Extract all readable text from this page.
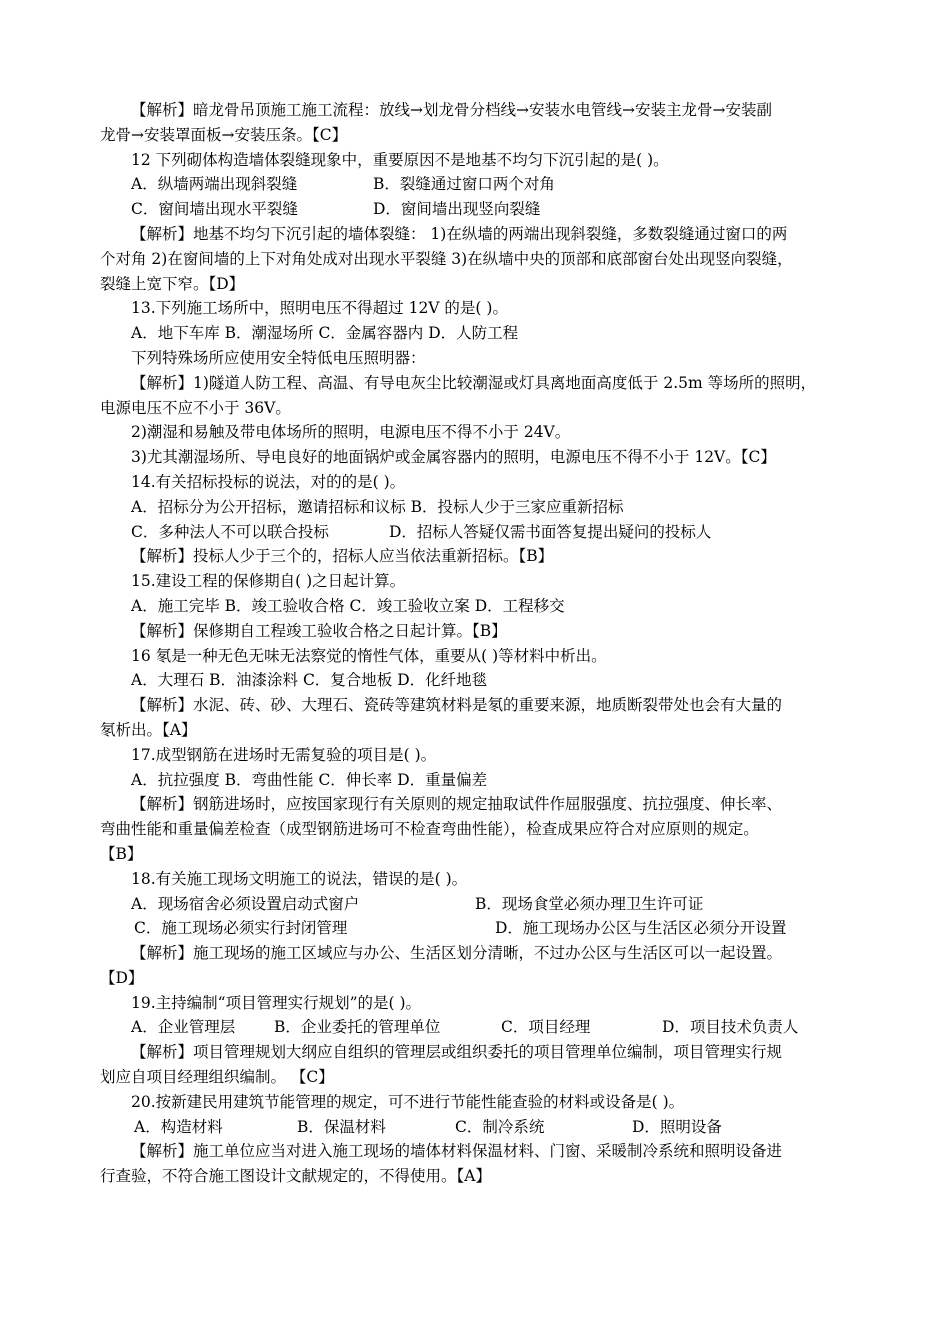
【解析】暗龙骨吊顶施工施工流程：放线→划龙骨分档线→安装水电管线→安装主龙骨→安装副
龙骨→安装罩面板→安装压条。【C】
12 下列砌体构造墙体裂缝现象中，重要原因不是地基不均匀下沉引起的是( )。
A．纵墙两端出现斜裂缝	B．裂缝通过窗口两个对角
C．窗间墙出现水平裂缝	D．窗间墙出现竖向裂缝
【解析】地基不均匀下沉引起的墙体裂缝： 1)在纵墙的两端出现斜裂缝，多数裂缝通过窗口的两
个对角 2)在窗间墙的上下对角处成对出现水平裂缝 3)在纵墙中央的顶部和底部窗台处出现竖向裂缝，
裂缝上宽下窄。【D】
13.下列施工场所中，照明电压不得超过 12V 的是( )。
A．地下车库 B．潮湿场所 C．金属容器内 D．人防工程
下列特殊场所应使用安全特低电压照明器：
【解析】1)隧道人防工程、高温、有导电灰尘比较潮湿或灯具离地面高度低于 2.5m 等场所的照明，
电源电压不应不小于 36V。
2)潮湿和易触及带电体场所的照明，电源电压不得不小于 24V。
3)尤其潮湿场所、导电良好的地面锅炉或金属容器内的照明，电源电压不得不小于 12V。【C】
14.有关招标投标的说法，对的的是( )。
A．招标分为公开招标，邀请招标和议标 B．投标人少于三家应重新招标
C．多种法人不可以联合投标	D．招标人答疑仅需书面答复提出疑问的投标人
【解析】投标人少于三个的，招标人应当依法重新招标。【B】
15.建设工程的保修期自( )之日起计算。
A．施工完毕 B．竣工验收合格 C．竣工验收立案 D．工程移交
【解析】保修期自工程竣工验收合格之日起计算。【B】
16 氡是一种无色无味无法察觉的惰性气体，重要从( )等材料中析出。
A．大理石 B．油漆涂料 C．复合地板 D．化纤地毯
【解析】水泥、砖、砂、大理石、瓷砖等建筑材料是氡的重要来源，地质断裂带处也会有大量的
氡析出。【A】
17.成型钢筋在进场时无需复验的项目是( )。
A．抗拉强度 B．弯曲性能 C．伸长率 D．重量偏差
【解析】钢筋进场时，应按国家现行有关原则的规定抽取试件作屈服强度、抗拉强度、伸长率、
弯曲性能和重量偏差检查（成型钢筋进场可不检查弯曲性能），检查成果应符合对应原则的规定。
【B】
18.有关施工现场文明施工的说法，错误的是( )。
A．现场宿舍必须设置启动式窗户	B．现场食堂必须办理卫生许可证
C．施工现场必须实行封闭管理	D．施工现场办公区与生活区必须分开设置
【解析】施工现场的施工区域应与办公、生活区划分清晰，不过办公区与生活区可以一起设置。
【D】
19.主持编制“项目管理实行规划”的是( )。
A．企业管理层	B．企业委托的管理单位	C．项目经理	D．项目技术负责人
【解析】项目管理规划大纲应自组织的管理层或组织委托的项目管理单位编制，项目管理实行规
划应自项目经理组织编制。 【C】
20.按新建民用建筑节能管理的规定，可不进行节能性能查验的材料或设备是( )。
A．构造材料	B．保温材料	C．制冷系统	D．照明设备
【解析】施工单位应当对进入施工现场的墙体材料保温材料、门窗、采暖制冷系统和照明设备进
行查验，不符合施工图设计文献规定的，不得使用。【A】
